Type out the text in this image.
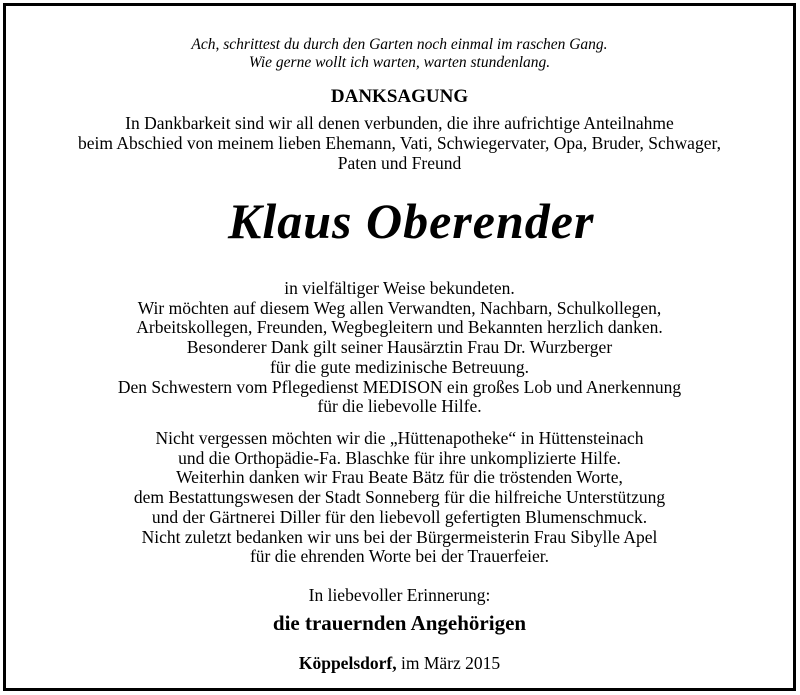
Ach, schrittest du durch den Garten noch einmal im raschen Gang.
Wie gerne wollt ich warten, warten stundenlang.
DANKSAGUNG
In Dankbarkeit sind wir all denen verbunden, die ihre aufrichtige Anteilnahme
beim Abschied von meinem lieben Ehemann, Vati, Schwiegervater, Opa, Bruder, Schwager,
Paten und Freund
Klaus Oberender
in vielfältiger Weise bekundeten.
Wir möchten auf diesem Weg allen Verwandten, Nachbarn, Schulkollegen,
Arbeitskollegen, Freunden, Wegbegleitern und Bekannten herzlich danken.
Besonderer Dank gilt seiner Hausärztin Frau Dr. Wurzberger
für die gute medizinische Betreuung.
Den Schwestern vom Pflegedienst MEDISON ein großes Lob und Anerkennung
für die liebevolle Hilfe.
Nicht vergessen möchten wir die „Hüttenapotheke“ in Hüttensteinach
und die Orthopädie-Fa. Blaschke für ihre unkomplizierte Hilfe.
Weiterhin danken wir Frau Beate Bätz für die tröstenden Worte,
dem Bestattungswesen der Stadt Sonneberg für die hilfreiche Unterstützung
und der Gärtnerei Diller für den liebevoll gefertigten Blumenschmuck.
Nicht zuletzt bedanken wir uns bei der Bürgermeisterin Frau Sibylle Apel
für die ehrenden Worte bei der Trauerfeier.
In liebevoller Erinnerung:
die trauernden Angehörigen
Köppelsdorf, im März 2015
